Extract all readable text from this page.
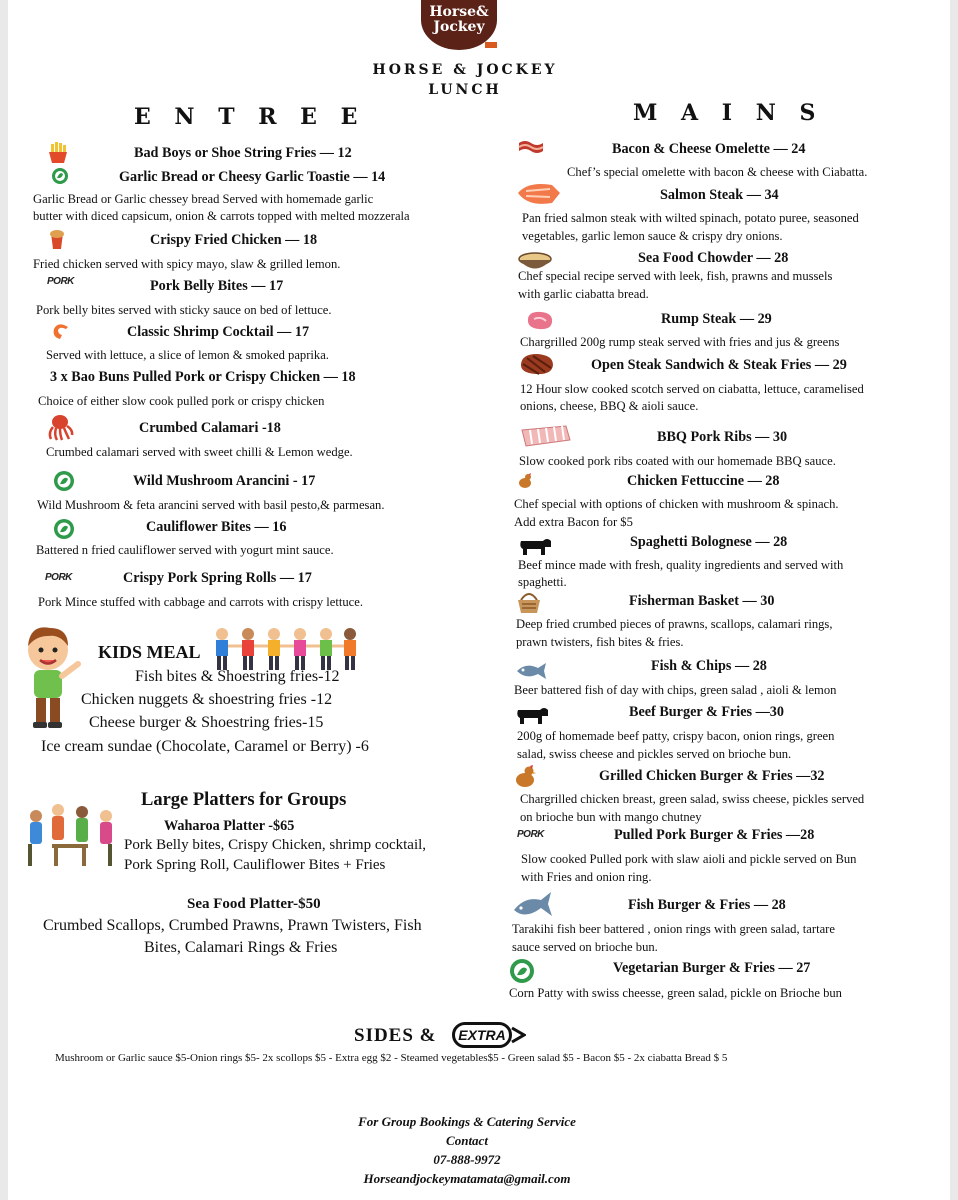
Horse&
Jockey
HORSE & JOCKEY
LUNCH
E N T R E E
PORK
PORK
Bad Boys or Shoe String Fries — 12
Garlic Bread or Cheesy Garlic Toastie — 14
Garlic Bread or Garlic chessey bread Served with homemade garlic
butter with diced capsicum, onion & carrots topped with melted mozzerala
Crispy Fried Chicken — 18
Fried chicken served with spicy mayo, slaw & grilled lemon.
Pork Belly Bites — 17
Pork belly bites served with sticky sauce on bed of lettuce.
Classic Shrimp Cocktail — 17
Served with lettuce, a slice of lemon & smoked paprika.
3 x Bao Buns Pulled Pork or Crispy Chicken — 18
Choice of either slow cook pulled pork or crispy chicken
Crumbed Calamari -18
Crumbed calamari served with sweet chilli & Lemon wedge.
Wild Mushroom Arancini - 17
Wild Mushroom & feta arancini served with basil pesto,& parmesan.
Cauliflower Bites — 16
Battered n fried cauliflower served with yogurt mint sauce.
Crispy Pork Spring Rolls — 17
Pork Mince stuffed with cabbage and carrots with crispy lettuce.
KIDS MEAL
Fish bites & Shoestring fries-12
Chicken nuggets & shoestring fries -12
Cheese burger & Shoestring fries-15
Ice cream sundae (Chocolate, Caramel or Berry) -6
Large Platters for Groups
Waharoa Platter -$65
Pork Belly bites, Crispy Chicken, shrimp cocktail,
Pork Spring Roll, Cauliflower Bites + Fries
Sea Food Platter-$50
Crumbed Scallops, Crumbed Prawns, Prawn Twisters, Fish
Bites, Calamari Rings & Fries
M A I N S
PORK
Bacon & Cheese Omelette — 24
Chef’s special omelette with bacon & cheese with Ciabatta.
Salmon Steak — 34
Pan fried salmon steak with wilted spinach, potato puree, seasoned
vegetables, garlic lemon sauce & crispy dry onions.
Sea Food Chowder — 28
Chef special recipe served with leek, fish, prawns and mussels
with garlic ciabatta bread.
Rump Steak — 29
Chargrilled 200g rump steak served with fries and jus & greens
Open Steak Sandwich & Steak Fries — 29
12 Hour slow cooked scotch served on ciabatta, lettuce, caramelised
onions, cheese, BBQ & aioli sauce.
BBQ Pork Ribs — 30
Slow cooked pork ribs coated with our homemade BBQ sauce.
Chicken Fettuccine — 28
Chef special with options of chicken with mushroom & spinach.
Add extra Bacon for $5
Spaghetti Bolognese — 28
Beef mince made with fresh, quality ingredients and served with
spaghetti.
Fisherman Basket — 30
Deep fried crumbed pieces of prawns, scallops, calamari rings,
prawn twisters, fish bites & fries.
Fish & Chips — 28
Beer battered fish of day with chips, green salad , aioli & lemon
Beef Burger & Fries —30
200g of homemade beef patty, crispy bacon, onion rings, green
salad, swiss cheese and pickles served on brioche bun.
Grilled Chicken Burger & Fries —32
Chargrilled chicken breast, green salad, swiss cheese, pickles served
on brioche bun with mango chutney
Pulled Pork Burger & Fries —28
Slow cooked Pulled pork with slaw aioli and pickle served on Bun
with Fries and onion ring.
Fish Burger & Fries — 28
Tarakihi fish beer battered , onion rings with green salad, tartare
sauce served on brioche bun.
Vegetarian Burger & Fries — 27
Corn Patty with swiss cheesse, green salad, pickle on Brioche bun
SIDES &	EXTRA
Mushroom or Garlic sauce $5-Onion rings $5- 2x scollops $5 - Extra egg $2 - Steamed vegetables$5 - Green salad $5 - Bacon $5 - 2x ciabatta Bread $ 5
For Group Bookings & Catering Service
Contact
07-888-9972
Horseandjockeymatamata@gmail.com
